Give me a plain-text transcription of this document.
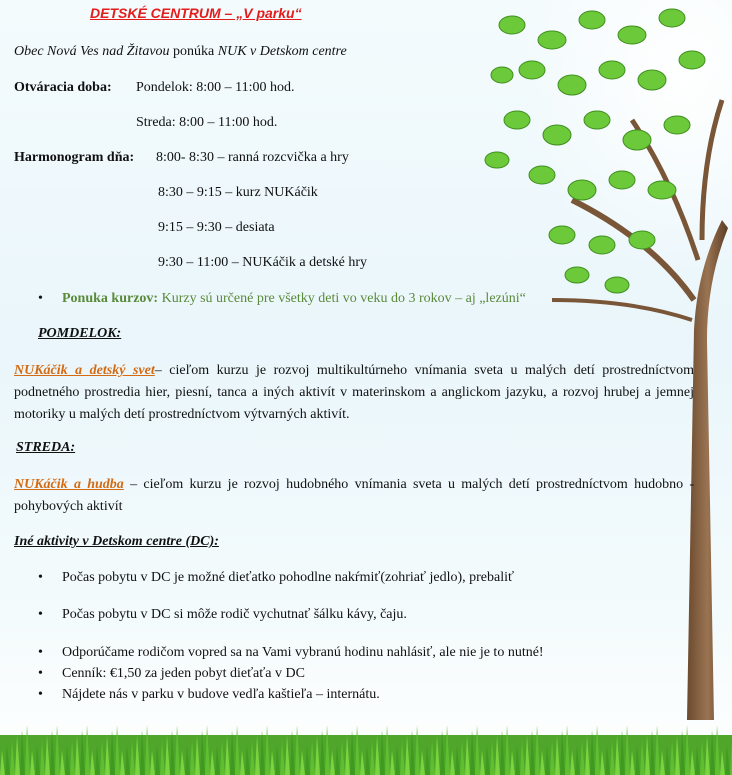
DETSKÉ CENTRUM – „V parku“
Obec Nová Ves nad Žitavou ponúka NUK v Detskom centre
Otváracia doba: Pondelok: 8:00 – 11:00 hod.
Streda: 8:00 – 11:00 hod.
Harmonogram dňa: 8:00- 8:30 – ranná rozcvička a hry
8:30 – 9:15 – kurz NUKáčik
9:15 – 9:30 – desiata
9:30 – 11:00 – NUKáčik a detské hry
• Ponuka kurzov: Kurzy sú určené pre všetky deti vo veku do 3 rokov – aj „lezúni“
POMDELOK:
NUKáčik a detský svet– cieľom kurzu je rozvoj multikultúrneho vnímania sveta u malých detí prostredníctvom podnetného prostredia hier, piesní, tanca a iných aktivít v materinskom a anglickom jazyku, a rozvoj hrubej a jemnej motoriky u malých detí prostredníctvom výtvarných aktivít.
STREDA:
NUKáčik a hudba – cieľom kurzu je rozvoj hudobného vnímania sveta u malých detí prostredníctvom hudobno - pohybových aktivít
Iné aktivity v Detskom centre (DC):
• Počas pobytu v DC je možné dieťatko pohodlne nakŕmiť(zohriať jedlo), prebaliť
• Počas pobytu v DC si môže rodič vychutnať šálku kávy, čaju.
• Odporúčame rodičom vopred sa na Vami vybranú hodinu nahlásiť, ale nie je to nutné!
• Cenník: €1,50 za jeden pobyt dieťaťa v DC
• Nájdete nás v parku v budove vedľa kaštieľa – internátu.
